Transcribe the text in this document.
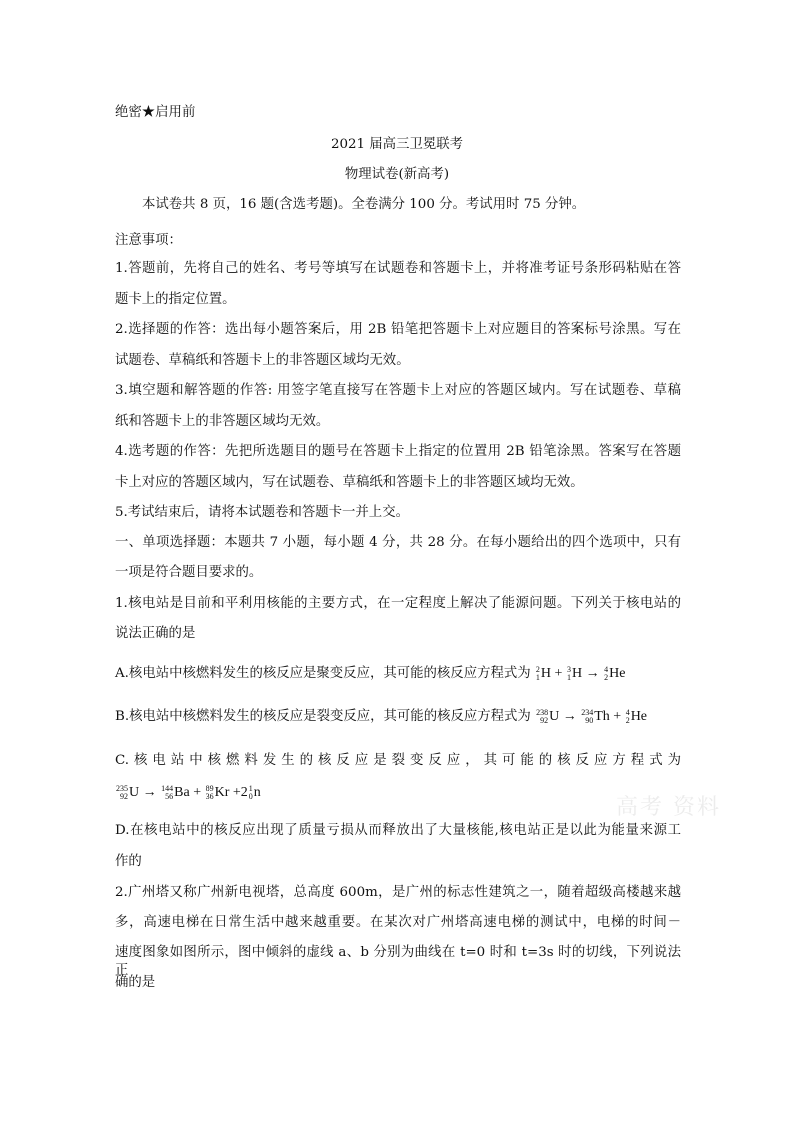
绝密★启用前
2021 届高三卫冕联考
物理试卷(新高考)
本试卷共 8 页，16 题(含选考题)。全卷满分 100 分。考试用时 75 分钟。
注意事项：
1.答题前，先将自己的姓名、考号等填写在试题卷和答题卡上，并将准考证号条形码粘贴在答
题卡上的指定位置。
2.选择题的作答：选出每小题答案后，用 2B 铅笔把答题卡上对应题目的答案标号涂黑。写在
试题卷、草稿纸和答题卡上的非答题区域均无效。
3.填空题和解答题的作答: 用签字笔直接写在答题卡上对应的答题区域内。写在试题卷、草稿
纸和答题卡上的非答题区域均无效。
4.选考题的作答：先把所选题目的题号在答题卡上指定的位置用 2B 铅笔涂黑。答案写在答题
卡上对应的答题区域内，写在试题卷、草稿纸和答题卡上的非答题区域均无效。
5.考试结束后，请将本试题卷和答题卡一并上交。
一、单项选择题：本题共 7 小题，每小题 4 分，共 28 分。在每小题给出的四个选项中，只有
一项是符合题目要求的。
1.核电站是目前和平利用核能的主要方式，在一定程度上解决了能源问题。下列关于核电站的
说法正确的是
A.核电站中核燃料发生的核反应是聚变反应，其可能的核反应方程式为 2
1 H + 3
1 H → 4
2 He
B.核电站中核燃料发生的核反应是裂变反应，其可能的核反应方程式为 238
92 U → 234
90 Th + 4
2 He
C.核电站中核燃料发生的核反应是裂变反应，其可能的核反应方程式为
235
92 U → 144
56 Ba + 89
36 Kr +2 1
0 n
D.在核电站中的核反应出现了质量亏损从而释放出了大量核能,核电站正是以此为能量来源工
作的
2.广州塔又称广州新电视塔，总高度 600m，是广州的标志性建筑之一，随着超级高楼越来越
多，高速电梯在日常生活中越来越重要。在某次对广州塔高速电梯的测试中，电梯的时间－
速度图象如图所示，图中倾斜的虚线 a、b 分别为曲线在 t=0 时和 t=3s 时的切线，下列说法正
确的是
高考 资料
